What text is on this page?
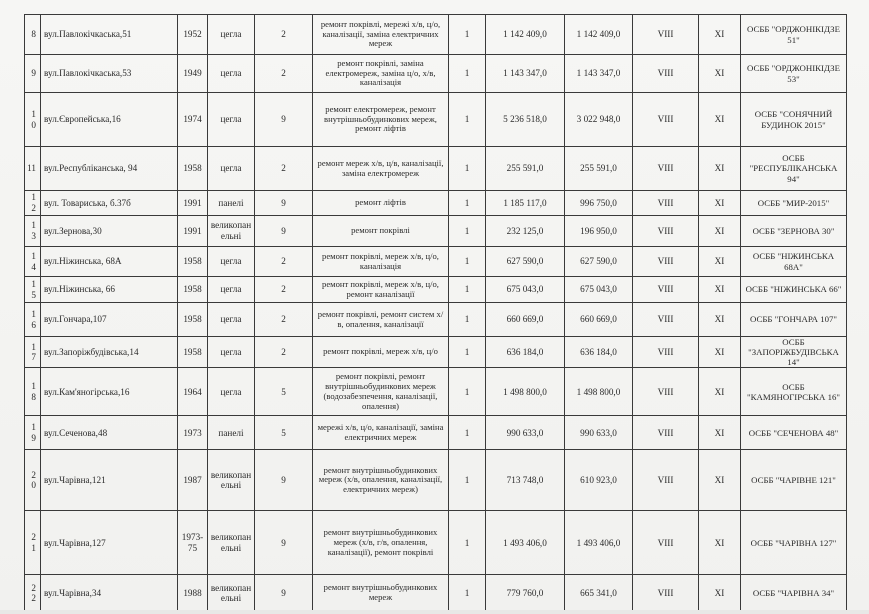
8	вул.Павлокічкаська,51	1952	цегла	2	ремонт покрівлі, мережі х/в, ц/о, каналізації, заміна електричних мереж	1	1 142 409,0	1 142 409,0	VIII	XI	ОСББ "ОРДЖОНІКІДЗЕ 51"
9	вул.Павлокічкаська,53	1949	цегла	2	ремонт покрівлі, заміна електромереж, заміна ц/о, х/в, каналізація	1	1 143 347,0	1 143 347,0	VIII	XI	ОСББ "ОРДЖОНІКІДЗЕ 53"
10	вул.Європейська,16	1974	цегла	9	ремонт електромереж, ремонт внутрішньобудинкових мереж, ремонт ліфтів	1	5 236 518,0	3 022 948,0	VIII	XI	ОСББ "СОНЯЧНИЙ БУДИНОК 2015"
11	вул.Республіканська, 94	1958	цегла	2	ремонт мереж х/в, ц/в, каналізації, заміна електромереж	1	255 591,0	255 591,0	VIII	XI	ОСББ "РЕСПУБЛІКАНСЬКА 94"
12	вул. Товариська, б.37б	1991	панелі	9	ремонт ліфтів	1	1 185 117,0	996 750,0	VIII	XI	ОСББ "МИР-2015"
13	вул.Зернова,30	1991	великопанельні	9	ремонт покрівлі	1	232 125,0	196 950,0	VIII	XI	ОСББ "ЗЕРНОВА 30"
14	вул.Ніжинська, 68А	1958	цегла	2	ремонт покрівлі, мереж х/в, ц/о, каналізація	1	627 590,0	627 590,0	VIII	XI	ОСББ "НІЖИНСЬКА 68А"
15	вул.Ніжинська, 66	1958	цегла	2	ремонт покрівлі, мереж х/в, ц/о, ремонт каналізації	1	675 043,0	675 043,0	VIII	XI	ОСББ "НІЖИНСЬКА 66"
16	вул.Гончара,107	1958	цегла	2	ремонт покрівлі, ремонт систем х/в, опалення, каналізації	1	660 669,0	660 669,0	VIII	XI	ОСББ "ГОНЧАРА 107"
17	вул.Запоріжбудівська,14	1958	цегла	2	ремонт покрівлі, мереж х/в, ц/о	1	636 184,0	636 184,0	VIII	XI	ОСББ "ЗАПОРІЖБУДІВСЬКА 14"
18	вул.Кам'яногірська,16	1964	цегла	5	ремонт покрівлі, ремонт внутрішньобудинкових мереж (водозабезпечення, каналізації, опалення)	1	1 498 800,0	1 498 800,0	VIII	XI	ОСББ "КАМЯНОГІРСЬКА 16"
19	вул.Сеченова,48	1973	панелі	5	мережі х/в, ц/о, каналізації, заміна електричних мереж	1	990 633,0	990 633,0	VIII	XI	ОСББ "СЕЧЕНОВА 48"
20	вул.Чарівна,121	1987	великопанельні	9	ремонт внутрішньобудинкових мереж (х/в, опалення, каналізації, електричних мереж)	1	713 748,0	610 923,0	VIII	XI	ОСББ "ЧАРІВНЕ 121"
21	вул.Чарівна,127	1973-75	великопанельні	9	ремонт внутрішньобудинкових мереж (х/в, г/в, опалення, каналізації), ремонт покрівлі	1	1 493 406,0	1 493 406,0	VIII	XI	ОСББ "ЧАРІВНА 127"
22	вул.Чарівна,34	1988	великопанельні	9	ремонт внутрішньобудинкових мереж	1	779 760,0	665 341,0	VIII	XI	ОСББ "ЧАРІВНА 34"
